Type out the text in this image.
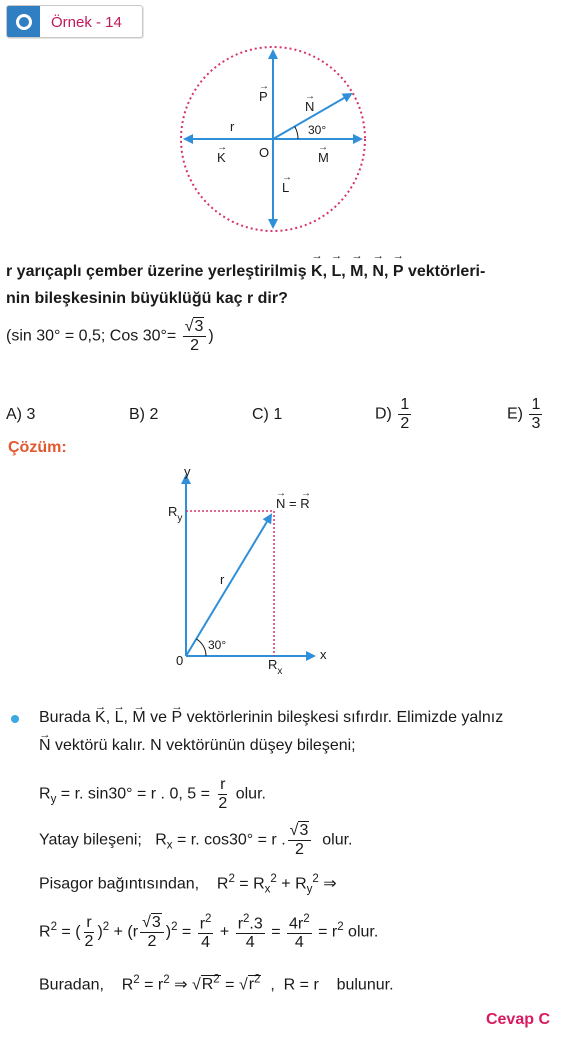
Örnek - 14
P
→
N
→
30°
r
K
→ O	M
→
L
→
r yarıçaplı çember üzerine yerleştirilmiş → K, → L, → M, → N, → P vektörleri-
nin bileşkesinin büyüklüğü kaç r dir?
(sin 30° = 0,5; Cos $30^\circ= \frac{√3}{2}$ )
A) 3	B) 2	C) 1	$D) \frac{1}{2}$	$E) \frac{1}{3}$
Çözüm:
y
x
0
$R_y$
$R_x$
N = R
→ →
r
30°
Burada → K, → L, → M ve → P vektörlerinin bileşkesi sıfırdır. Elimizde yalnız
→ N vektörü kalır. N vektörünün düşey bileşeni;
$R_y = r$. sin30° = r . 0, $5 = \frac{r}{2}$ olur.
Yatay bileşeni;   $R_x = r$. cos30° = r . $\frac{√3}{2}$ olur.
Pisagor bağıntısından,    $R^2 = R_x^2 + R_y^2$ ⇒
$R^2$ = ( $\frac{r}{2} )^2 + (r \frac{√3}{2} )^2 = \frac{r^2}{4} + \frac{r^2.3}{4} = \frac{4r^2}{4} = r^2$ olur.
Buradan,    $R^2 = r^2$ ⇒ $√R^2 = √r^2$  ,  R = r    bulunur.
Cevap C
